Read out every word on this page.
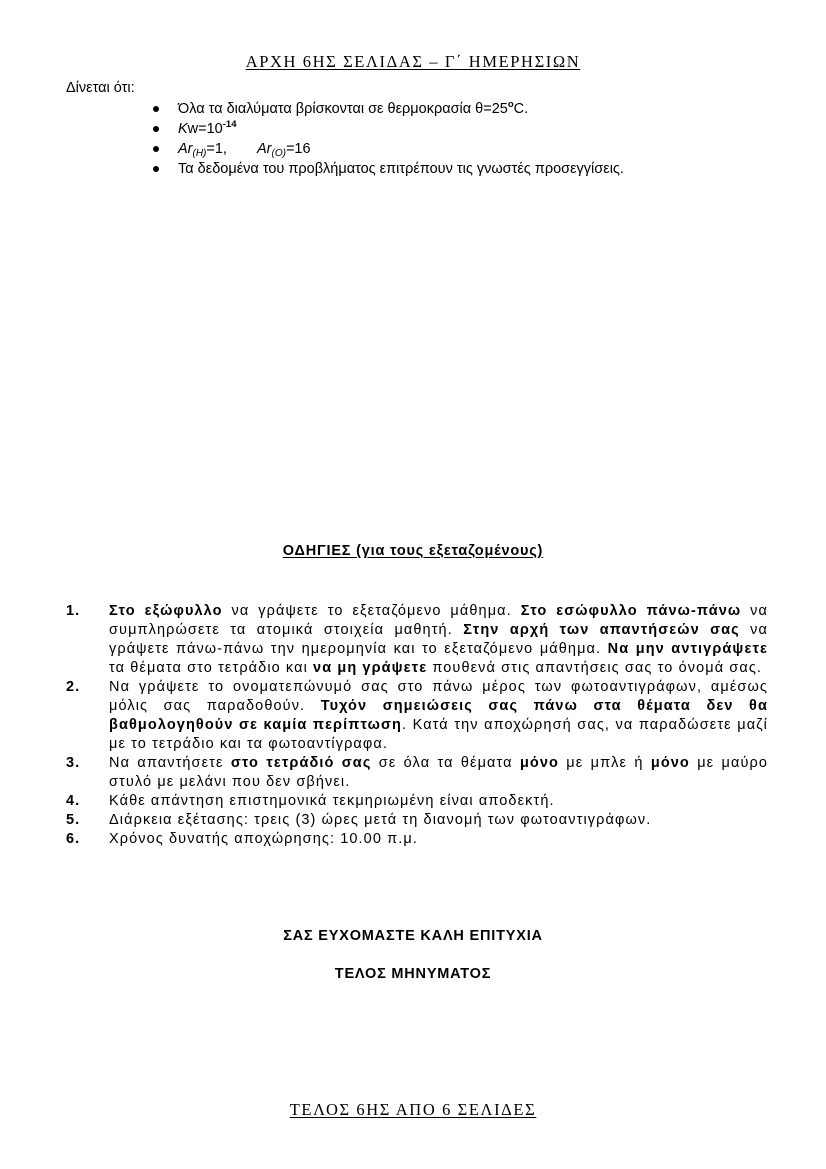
ΑΡΧΗ 6ΗΣ ΣΕΛΙΔΑΣ – Γ΄ ΗΜΕΡΗΣΙΩΝ
Δίνεται ότι:
Όλα τα διαλύματα βρίσκονται σε θερμοκρασία $\theta=25^oC$.
$Kw=10^{-14}$
$Ar_{(H)}=1$, $Ar_{(O)}=16$
Τα δεδομένα του προβλήματος επιτρέπουν τις γνωστές προσεγγίσεις.
ΟΔΗΓΙΕΣ (για τους εξεταζομένους)
1. Στο εξώφυλλο να γράψετε το εξεταζόμενο μάθημα. Στο εσώφυλλο πάνω-πάνω να συμπληρώσετε τα ατομικά στοιχεία μαθητή. Στην αρχή των απαντήσεών σας να γράψετε πάνω-πάνω την ημερομηνία και το εξεταζόμενο μάθημα. Να μην αντιγράψετε τα θέματα στο τετράδιο και να μη γράψετε πουθενά στις απαντήσεις σας το όνομά σας.
2. Να γράψετε το ονοματεπώνυμό σας στο πάνω μέρος των φωτοαντιγράφων, αμέσως μόλις σας παραδοθούν. Τυχόν σημειώσεις σας πάνω στα θέματα δεν θα βαθμολογηθούν σε καμία περίπτωση. Κατά την αποχώρησή σας, να παραδώσετε μαζί με το τετράδιο και τα φωτοαντίγραφα.
3. Να απαντήσετε στο τετράδιό σας σε όλα τα θέματα μόνο με μπλε ή μόνο με μαύρο στυλό με μελάνι που δεν σβήνει.
4. Κάθε απάντηση επιστημονικά τεκμηριωμένη είναι αποδεκτή.
5. Διάρκεια εξέτασης: τρεις (3) ώρες μετά τη διανομή των φωτοαντιγράφων.
6. Χρόνος δυνατής αποχώρησης: 10.00 π.μ.
ΣΑΣ ΕΥΧΟΜΑΣΤΕ ΚΑΛΗ ΕΠΙΤΥΧΙΑ
ΤΕΛΟΣ ΜΗΝΥΜΑΤΟΣ
ΤΕΛΟΣ 6ΗΣ ΑΠΟ 6 ΣΕΛΙΔΕΣ
